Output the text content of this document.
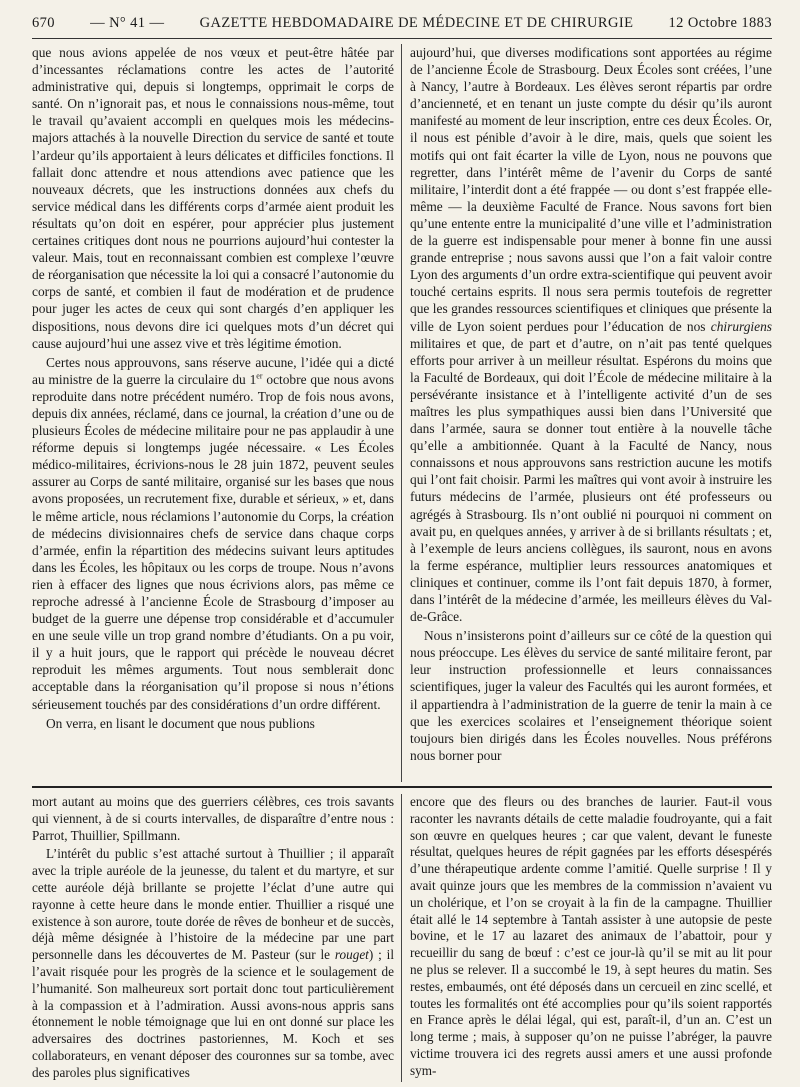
670 — N° 41 — GAZETTE HEBDOMADAIRE DE MÉDECINE ET DE CHIRURGIE 12 Octobre 1883

que nous avions appelée de nos vœux et peut-être hâtée par d’incessantes réclamations contre les actes de l’autorité administrative qui, depuis si longtemps, opprimait le corps de santé. On n’ignorait pas, et nous le connaissions nous-même, tout le travail qu’avaient accompli en quelques mois les médecins-majors attachés à la nouvelle Direction du service de santé et toute l’ardeur qu’ils apportaient à leurs délicates et difficiles fonctions. Il fallait donc attendre et nous attendions avec patience que les nouveaux décrets, que les instructions données aux chefs du service médical dans les différents corps d’armée aient produit les résultats qu’on doit en espérer, pour apprécier plus justement certaines critiques dont nous ne pourrions aujourd’hui contester la valeur. Mais, tout en reconnaissant combien est complexe l’œuvre de réorganisation que nécessite la loi qui a consacré l’autonomie du corps de santé, et combien il faut de modération et de prudence pour juger les actes de ceux qui sont chargés d’en appliquer les dispositions, nous devons dire ici quelques mots d’un décret qui cause aujourd’hui une assez vive et très légitime émotion.

Certes nous approuvons, sans réserve aucune, l’idée qui a dicté au ministre de la guerre la circulaire du 1er octobre que nous avons reproduite dans notre précédent numéro. Trop de fois nous avons, depuis dix années, réclamé, dans ce journal, la création d’une ou de plusieurs Écoles de médecine militaire pour ne pas applaudir à une réforme depuis si longtemps jugée nécessaire. « Les Écoles médico-militaires, écrivions-nous le 28 juin 1872, peuvent seules assurer au Corps de santé militaire, organisé sur les bases que nous avons proposées, un recrutement fixe, durable et sérieux, » et, dans le même article, nous réclamions l’autonomie du Corps, la création de médecins divisionnaires chefs de service dans chaque corps d’armée, enfin la répartition des médecins suivant leurs aptitudes dans les Écoles, les hôpitaux ou les corps de troupe. Nous n’avons rien à effacer des lignes que nous écrivions alors, pas même ce reproche adressé à l’ancienne École de Strasbourg d’imposer au budget de la guerre une dépense trop considérable et d’accumuler en une seule ville un trop grand nombre d’étudiants. On a pu voir, il y a huit jours, que le rapport qui précède le nouveau décret reproduit les mêmes arguments. Tout nous semblerait donc acceptable dans la réorganisation qu’il propose si nous n’étions sérieusement touchés par des considérations d’un ordre différent.

On verra, en lisant le document que nous publions

aujourd’hui, que diverses modifications sont apportées au régime de l’ancienne École de Strasbourg. Deux Écoles sont créées, l’une à Nancy, l’autre à Bordeaux. Les élèves seront répartis par ordre d’ancienneté, et en tenant un juste compte du désir qu’ils auront manifesté au moment de leur inscription, entre ces deux Écoles. Or, il nous est pénible d’avoir à le dire, mais, quels que soient les motifs qui ont fait écarter la ville de Lyon, nous ne pouvons que regretter, dans l’intérêt même de l’avenir du Corps de santé militaire, l’interdit dont a été frappée — ou dont s’est frappée elle-même — la deuxième Faculté de France. Nous savons fort bien qu’une entente entre la municipalité d’une ville et l’administration de la guerre est indispensable pour mener à bonne fin une aussi grande entreprise ; nous savons aussi que l’on a fait valoir contre Lyon des arguments d’un ordre extra-scientifique qui peuvent avoir touché certains esprits. Il nous sera permis toutefois de regretter que les grandes ressources scientifiques et cliniques que présente la ville de Lyon soient perdues pour l’éducation de nos chirurgiens militaires et que, de part et d’autre, on n’ait pas tenté quelques efforts pour arriver à un meilleur résultat. Espérons du moins que la Faculté de Bordeaux, qui doit l’École de médecine militaire à la persévérante insistance et à l’intelligente activité d’un de ses maîtres les plus sympathiques aussi bien dans l’Université que dans l’armée, saura se donner tout entière à la nouvelle tâche qu’elle a ambitionnée. Quant à la Faculté de Nancy, nous connaissons et nous approuvons sans restriction aucune les motifs qui l’ont fait choisir. Parmi les maîtres qui vont avoir à instruire les futurs médecins de l’armée, plusieurs ont été professeurs ou agrégés à Strasbourg. Ils n’ont oublié ni pourquoi ni comment on avait pu, en quelques années, y arriver à de si brillants résultats ; et, à l’exemple de leurs anciens collègues, ils sauront, nous en avons la ferme espérance, multiplier leurs ressources anatomiques et cliniques et continuer, comme ils l’ont fait depuis 1870, à former, dans l’intérêt de la médecine d’armée, les meilleurs élèves du Val-de-Grâce.

Nous n’insisterons point d’ailleurs sur ce côté de la question qui nous préoccupe. Les élèves du service de santé militaire feront, par leur instruction professionnelle et leurs connaissances scientifiques, juger la valeur des Facultés qui les auront formées, et il appartiendra à l’administration de la guerre de tenir la main à ce que les exercices scolaires et l’enseignement théorique soient toujours bien dirigés dans les Écoles nouvelles. Nous préférons nous borner pour

mort autant au moins que des guerriers célèbres, ces trois savants qui viennent, à de si courts intervalles, de disparaître d’entre nous : Parrot, Thuillier, Spillmann.

L’intérêt du public s’est attaché surtout à Thuillier ; il apparaît avec la triple auréole de la jeunesse, du talent et du martyre, et sur cette auréole déjà brillante se projette l’éclat d’une autre qui rayonne à cette heure dans le monde entier. Thuillier a risqué une existence à son aurore, toute dorée de rêves de bonheur et de succès, déjà même désignée à l’histoire de la médecine par une part personnelle dans les découvertes de M. Pasteur (sur le rouget) ; il l’avait risquée pour les progrès de la science et le soulagement de l’humanité. Son malheureux sort portait donc tout particulièrement à la compassion et à l’admiration. Aussi avons-nous appris sans étonnement le noble témoignage que lui en ont donné sur place les adversaires des doctrines pastoriennes, M. Koch et ses collaborateurs, en venant déposer des couronnes sur sa tombe, avec des paroles plus significatives

encore que des fleurs ou des branches de laurier. Faut-il vous raconter les navrants détails de cette maladie foudroyante, qui a fait son œuvre en quelques heures ; car que valent, devant le funeste résultat, quelques heures de répit gagnées par les efforts désespérés d’une thérapeutique ardente comme l’amitié. Quelle surprise ! Il y avait quinze jours que les membres de la commission n’avaient vu un cholérique, et l’on se croyait à la fin de la campagne. Thuillier était allé le 14 septembre à Tantah assister à une autopsie de peste bovine, et le 17 au lazaret des animaux de l’abattoir, pour y recueillir du sang de bœuf : c’est ce jour-là qu’il se mit au lit pour ne plus se relever. Il a succombé le 19, à sept heures du matin. Ses restes, embaumés, ont été déposés dans un cercueil en zinc scellé, et toutes les formalités ont été accomplies pour qu’ils soient rapportés en France après le délai légal, qui est, paraît-il, d’un an. C’est un long terme ; mais, à supposer qu’on ne puisse l’abréger, la pauvre victime trouvera ici des regrets aussi amers et une aussi profonde sym-
